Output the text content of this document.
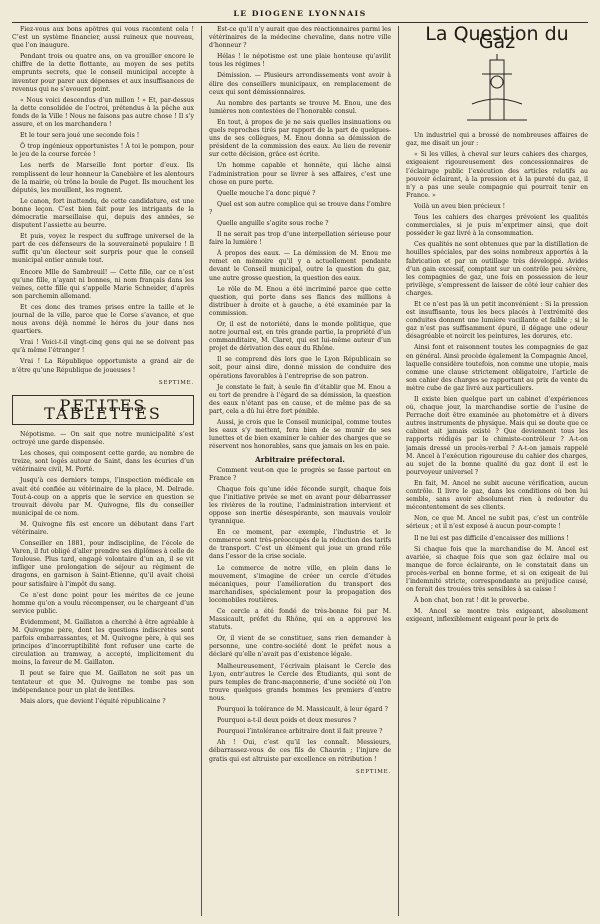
LE DIOGENE LYONNAIS

Fiez-vous aux bons apôtres qui vous racontent cela ! C’est un système financier, aussi ruineux que nouveau, que l’on inaugure.

Pendant trois ou quatre ans, on va grouiller encore le chiffre de la dette flottante, au moyen de ses petits emprunts secrets, que le conseil municipal accepte à inventer pour parer aux dépenses et aux insuffisances de revenus qui ne s’avouent point.

« Nous voici descendus d’un millon ! » Et, par-dessus la dette consolidée de l’octroi, prétendus à la pêche aux fonds de la Ville ! Nous ne faisons pas autre chose ! Il s’y assure, et on les marchandera !

Et le tour sera joué une seconde fois !

Ô trop ingénieux opportunistes ! À toi le pompon, pour le jeu de la course forcée !

Les nerfs de Marseille font porter d’eux. Ils remplissent de leur honneur la Canebière et les alentours de la mairie, où trône la boule de Puget. Ils mouchent les députés, les mouillent, les rognent.

Le canon, fort inattendu, de cette candidature, est une bonne leçon. C’est bien fait pour les intrigants de la démocratie marseillaise qui, depuis des années, se disputent l’assiette au beurre.

Et puis, voyez le respect du suffrage universel de la part de ces défenseurs de la souveraineté populaire ! Il suffit qu’un électeur soit surpris pour que le conseil municipal entier annule tout.

Encore Mlle de Sambreuil! — Cette fille, car ce n’est qu’une fille, n’ayant ni bonnes, ni nom français dans les veines, cette fille qui s’appelle Marie Schneider, d’après son parchemin allemand.

Et ces donc des trames prises entre la taille et le journal de la ville, parce que le Corse s’avance, et que nous avons déjà nommé le héros du jour dans nos quartiers.

Vrai ! Voici-t-il vingt-cinq gens qui ne se doivent pas qu’à même l’étranger !

Vrai ! La République opportuniste a grand air de n’être qu’une République de joueuses !

SEPTIME.
PETITES TABLETTES

Népotisme. — On sait que notre municipalité s’est octroyé une garde dispensée.

Les choses, qui composent cette garde, au nombre de treize, sont logés autour de Saint, dans les écuries d’un vétérinaire civil, M. Porté.

Jusqu’à ces derniers temps, l’inspection médicale en avait été confiée au vétérinaire de la place, M. Delrade. Tout-à-coup on a appris que le service en question se trouvait dévolu par M. Quivogne, fils du conseiller municipal de ce nom.

M. Quivogne fils est encore un débutant dans l’art vétérinaire.

Conseiller en 1881, pour indiscipline, de l’école de Varen, il fut obligé d’aller prendre ses diplômes à celle de Toulouse. Plus tard, engagé volontaire d’un an, il se vit infliger une prolongation de séjour au régiment de dragons, en garnison à Saint-Étienne, qu’il avait choisi pour satisfaire à l’impôt du sang.

Ce n’est donc point pour les mérites de ce jeune homme qu’on a voulu récompenser, ou le chargeant d’un service public.

Évidemment, M. Gaillaton a cherché à être agréable à M. Quivogne père, dont les questions indiscrètes sont parfois embarrassantes, et M. Quivogne père, à qui ses principes d’incorruptibilité font refuser une carte de circulation au tramway, a accepté, implicitement du moins, la faveur de M. Gaillaton.

Il peut se faire que M. Gaillaton ne soit pas un tentateur et que M. Quivogne ne tombe pas son indépendance pour un plat de lentilles.

Mais alors, que devient l’équité républicaine ?

Est-ce qu’il n’y aurait que des réactionnaires parmi les vétérinaires de la médecine chevaline, dans notre ville d’honneur ?

Hélas ! le népotisme est une plaie honteuse qu’avilit tous les régimes !

Démission. — Plusieurs arrondissements vont avoir à élire des conseillers municipaux, en remplacement de ceux qui sont démissionnaires.

Au nombre des partants se trouve M. Enou, une des lumières non contestées de l’honorable consul.

En tout, à propos de je ne sais quelles insinuations ou quels reproches tirés par rapport de la part de quelques-uns de ses collègues, M. Enou donna sa démission de président de la commission des eaux. Au lieu de revenir sur cette décision, grâce est écrite.

Un homme capable et honnête, qui lâche ainsi l’administration pour se livrer à ses affaires, c’est une chose en pure perte.

Quelle mouche l’a donc piqué ?

Quel est son autre complice qui se trouve dans l’ombre ?

Quelle anguille s’agite sous roche ?

Il ne serait pas trop d’une interpellation sérieuse pour faire la lumière !

À propos des eaux. — La démission de M. Enou me remet en mémoire qu’il y a actuellement pendante devant le Conseil municipal, outre la question du gaz, une autre grosse question, la question des eaux.

Le rôle de M. Enou a été incriminé parce que cette question, qui porte dans ses flancs des millions à distribuer à droite et à gauche, a été examinée par la commission.

Or, il est de notoriété, dans le monde politique, que notre journal est, en très grande partie, la propriété d’un commanditaire, M. Claret, qui est lui-même auteur d’un projet de dérivation des eaux du Rhône.

Il se comprend dès lors que le Lyon Républicain se soit, pour ainsi dire, donné mission de conduire des opérations favorables à l’entreprise de son patron.

Je constate le fait, à seule fin d’établir que M. Enou a eu tort de prendre à l’égard de sa démission, la question des eaux n’étant pas en cause, et de même pas de sa part, cela a dû lui être fort pénible.

Aussi, je crois que le Conseil municipal, comme toutes les eaux s’y mettent, fera bien de se munir de ses lunettes et de bien examiner le cahier des charges que se réservent nos honorables, sans que jamais on les en paie.

Arbitraire préfectoral.

Comment veut-on que le progrès se fasse partout en France ?

Chaque fois qu’une idée féconde surgit, chaque fois que l’initiative privée se met en avant pour débarrasser les rivières de la routine, l’administration intervient et oppose son inertie désespérante, son mauvais vouloir tyrannique.

En ce moment, par exemple, l’industrie et le commerce sont très-préoccupés de la réduction des tarifs de transport. C’est un élément qui joue un grand rôle dans l’essor de la crise sociale.

Le commerce de notre ville, en plein dans le mouvement, s’imagine de créer un cercle d’études mécaniques, pour l’amélioration du transport des marchandises, spécialement pour la propagation des locomobiles routières.

Ce cercle a été fondé de très-bonne foi par M. Massicault, préfet du Rhône, qui en a approuvé les statuts.

Or, il vient de se constituer, sans rien demander à personne, une contre-société dont le préfet nous a déclaré qu’elle n’avait pas d’existence légale.

Malheureusement, l’écrivain plaisant le Cercle des Lyon, entr’autres le Cercle des Étudiants, qui sont de purs temples de franc-maçonnerie, d’une société où l’on trouve quelques grands hommes les premiers d’entre nous.

Pourquoi la tolérance de M. Massicault, à leur égard ?

Pourquoi a-t-il deux poids et deux mesures ?

Pourquoi l’intolérance arbitraire dont il fait preuve ?

Ah ! Oui, c’est qu’il les connaît. Messieurs, débarrassez-vous de ces fils de Chauvin ; l’injure de gratis qui est altruiste par excellence en rétribution !

SEPTIME.
La Question du Gaz

Un industriel qui a brossé de nombreuses affaires de gaz, me disait un jour :

« Si les villes, à cheval sur leurs cahiers des charges, exigeaient rigoureusement des concessionnaires de l’éclairage public l’exécution des articles relatifs au pouvoir éclairant, à la pression et à la pureté du gaz, il n’y a pas une seule compagnie qui pourrait tenir en France. »

Voilà un aveu bien précieux !

Tous les cahiers des charges prévoient les qualités commerciales, si je puis m’exprimer ainsi, que doit posséder le gaz livré à la consommation.

Ces qualités ne sont obtenues que par la distillation de houilles spéciales, par des soins nombreux apportés à la fabrication et par un outillage très développé. Avides d’un gain excessif, comptant sur un contrôle peu sévère, les compagnies de gaz, une fois en possession de leur privilège, s’empressent de laisser de côté leur cahier des charges.

Et ce n’est pas là un petit inconvénient : Si la pression est insuffisante, tous les becs placés à l’extrémité des conduites donnent une lumière vacillante et faible ; si le gaz n’est pas suffisamment épuré, il dégage une odeur désagréable et noircit les peintures, les dorures, etc.

Ainsi font et raisonnent toutes les compagnies de gaz en général. Ainsi procède également la Compagnie Ancel, laquelle considère toutefois, non comme une utopie, mais comme une clause strictement obligatoire, l’article de son cahier des charges se rapportant au prix de vente du mètre cube de gaz livré aux particuliers.

Il existe bien quelque part un cabinet d’expériences où, chaque jour, la marchandise sortie de l’usine de Perrache doit être examinée au photomètre et à divers autres instruments de physique. Mais qui se doute que ce cabinet ait jamais existé ? Que deviennent tous les rapports rédigés par le chimiste-contrôleur ? A-t-on jamais dressé un procès-verbal ? A-t-on jamais rappelé M. Ancel à l’exécution rigoureuse du cahier des charges, au sujet de la bonne qualité du gaz dont il est le pourvoyeur universel ?

En fait, M. Ancel ne subit aucune vérification, aucun contrôle. Il livre le gaz, dans les conditions où bon lui semble, sans avoir absolument rien à redouter du mécontentement de ses clients.

Non, ce que M. Ancel ne subit pas, c’est un contrôle sérieux ; et il n’est exposé à aucun pour-compte !

Il ne lui est pas difficile d’encaisser des millions !

Si chaque fois que la marchandise de M. Ancel est avariée, si chaque fois que son gaz éclaire mal ou manque de force éclairante, on le constatait dans un procès-verbal en bonne forme, et si on exigeait de lui l’indemnité stricte, correspondante au préjudice causé, on ferait des trouées très sensibles à sa caisse !

À bon chat, bon rat ! dit le proverbe.

M. Ancel se montre très exigeant, absolument exigeant, inflexiblement exigeant pour le prix de
